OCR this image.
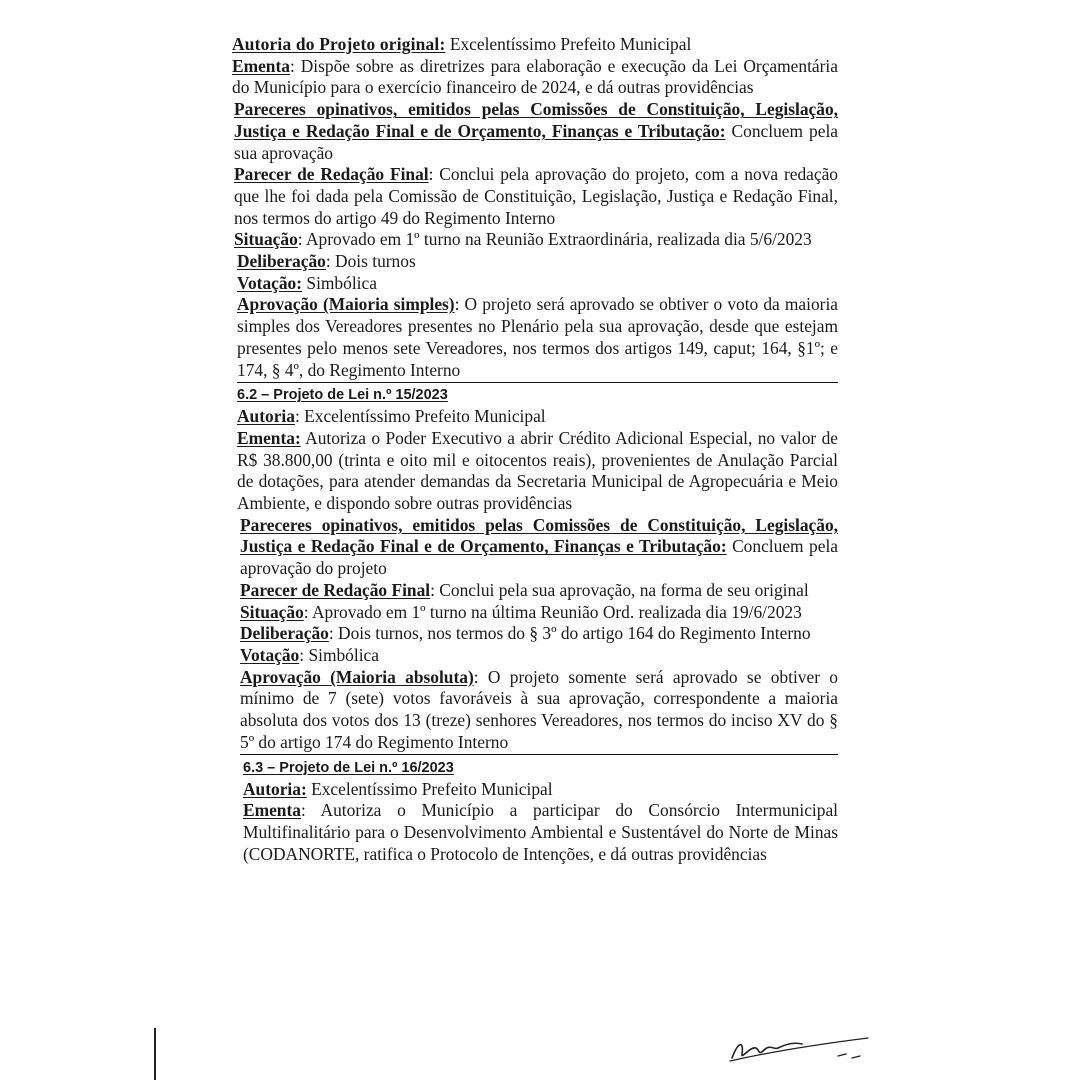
Autoria do Projeto original: Excelentíssimo Prefeito Municipal

Ementa: Dispõe sobre as diretrizes para elaboração e execução da Lei Orçamentária do Município para o exercício financeiro de 2024, e dá outras providências

Pareceres opinativos, emitidos pelas Comissões de Constituição, Legislação, Justiça e Redação Final e de Orçamento, Finanças e Tributação: Concluem pela sua aprovação

Parecer de Redação Final: Conclui pela aprovação do projeto, com a nova redação que lhe foi dada pela Comissão de Constituição, Legislação, Justiça e Redação Final, nos termos do artigo 49 do Regimento Interno

Situação: Aprovado em 1º turno na Reunião Extraordinária, realizada dia 5/6/2023

Deliberação: Dois turnos

Votação: Simbólica

Aprovação (Maioria simples): O projeto será aprovado se obtiver o voto da maioria simples dos Vereadores presentes no Plenário pela sua aprovação, desde que estejam presentes pelo menos sete Vereadores, nos termos dos artigos 149, caput; 164, §1º; e 174, § 4º, do Regimento Interno

6.2 – Projeto de Lei n.º 15/2023

Autoria: Excelentíssimo Prefeito Municipal

Ementa: Autoriza o Poder Executivo a abrir Crédito Adicional Especial, no valor de R$ 38.800,00 (trinta e oito mil e oitocentos reais), provenientes de Anulação Parcial de dotações, para atender demandas da Secretaria Municipal de Agropecuária e Meio Ambiente, e dispondo sobre outras providências

Pareceres opinativos, emitidos pelas Comissões de Constituição, Legislação, Justiça e Redação Final e de Orçamento, Finanças e Tributação: Concluem pela aprovação do projeto

Parecer de Redação Final: Conclui pela sua aprovação, na forma de seu original

Situação: Aprovado em 1º turno na última Reunião Ord. realizada dia 19/6/2023

Deliberação: Dois turnos, nos termos do § 3º do artigo 164 do Regimento Interno

Votação: Simbólica

Aprovação (Maioria absoluta): O projeto somente será aprovado se obtiver o mínimo de 7 (sete) votos favoráveis à sua aprovação, correspondente a maioria absoluta dos votos dos 13 (treze) senhores Vereadores, nos termos do inciso XV do § 5º do artigo 174 do Regimento Interno

6.3 – Projeto de Lei n.º 16/2023

Autoria: Excelentíssimo Prefeito Municipal

Ementa: Autoriza o Município a participar do Consórcio Intermunicipal Multifinalitário para o Desenvolvimento Ambiental e Sustentável do Norte de Minas (CODANORTE, ratifica o Protocolo de Intenções, e dá outras providências
